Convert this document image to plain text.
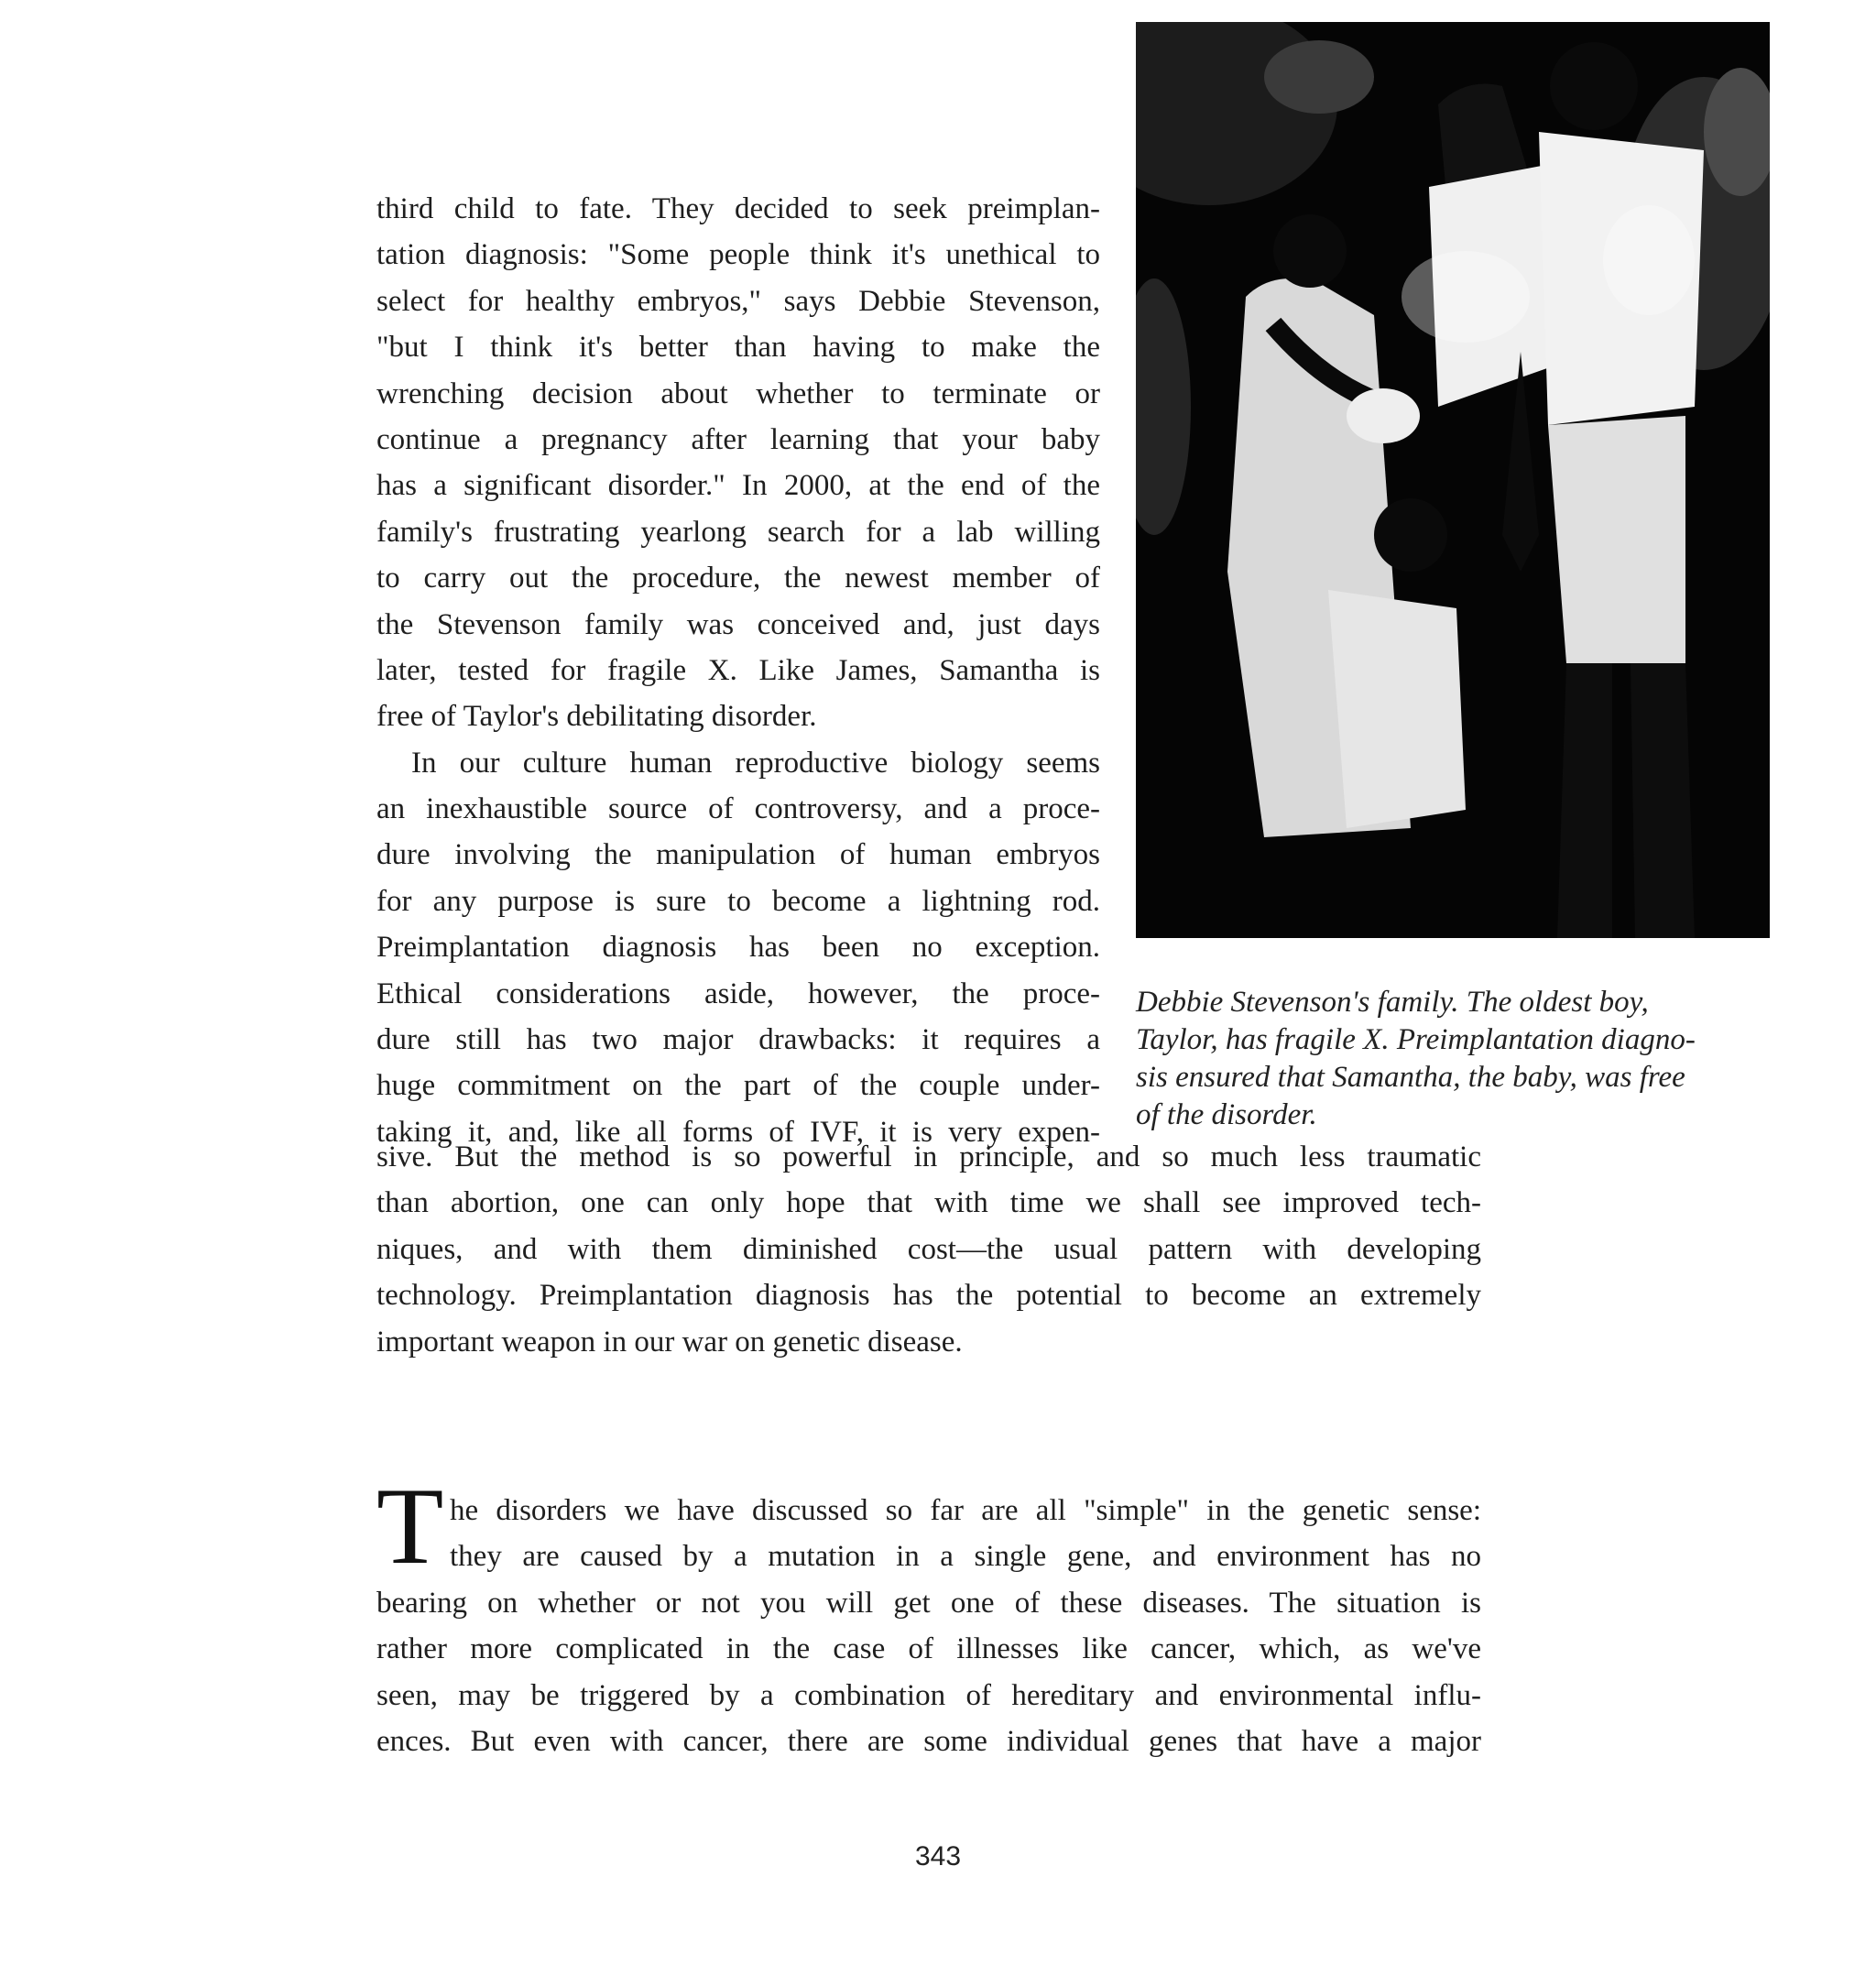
Debbie Stevenson's family. The oldest boy,
Taylor, has fragile X. Preimplantation diagno-
sis ensured that Samantha, the baby, was free
of the disorder.
third child to fate. They decided to seek preimplan-
tation diagnosis: "Some people think it's unethical to
select for healthy embryos," says Debbie Stevenson,
"but I think it's better than having to make the
wrenching decision about whether to terminate or
continue a pregnancy after learning that your baby
has a significant disorder." In 2000, at the end of the
family's frustrating yearlong search for a lab willing
to carry out the procedure, the newest member of
the Stevenson family was conceived and, just days
later, tested for fragile X. Like James, Samantha is
free of Taylor's debilitating disorder.
In our culture human reproductive biology seems
an inexhaustible source of controversy, and a proce-
dure involving the manipulation of human embryos
for any purpose is sure to become a lightning rod.
Preimplantation diagnosis has been no exception.
Ethical considerations aside, however, the proce-
dure still has two major drawbacks: it requires a
huge commitment on the part of the couple under-
taking it, and, like all forms of IVF, it is very expen-
sive. But the method is so powerful in principle, and so much less traumatic
than abortion, one can only hope that with time we shall see improved tech-
niques, and with them diminished cost—the usual pattern with developing
technology. Preimplantation diagnosis has the potential to become an extremely
important weapon in our war on genetic disease.
T he disorders we have discussed so far are all "simple" in the genetic sense:
they are caused by a mutation in a single gene, and environment has no
bearing on whether or not you will get one of these diseases. The situation is
rather more complicated in the case of illnesses like cancer, which, as we've
seen, may be triggered by a combination of hereditary and environmental influ-
ences. But even with cancer, there are some individual genes that have a major
343
